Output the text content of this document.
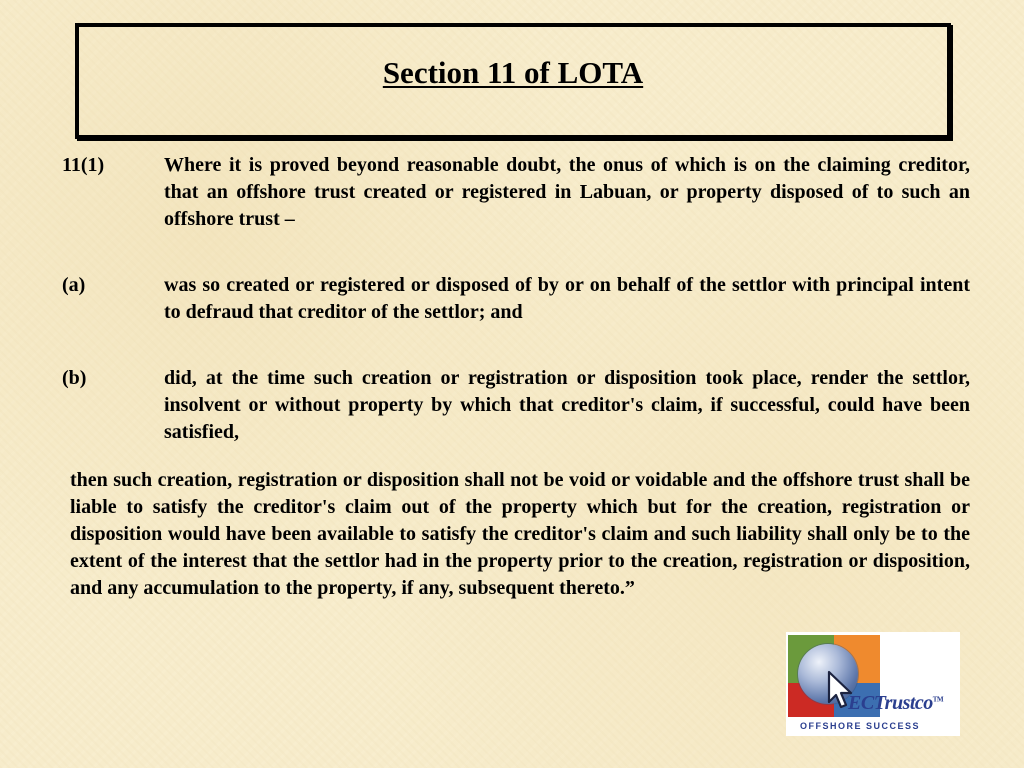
Section 11 of LOTA
11(1)	Where it is proved beyond reasonable doubt, the onus of which is on the claiming creditor, that an offshore trust created or registered in Labuan, or property disposed of to such an offshore trust –
(a)	was so created or registered or disposed of by or on behalf of the settlor with principal intent to defraud that creditor of the settlor; and
(b)	did, at the time such creation or registration or disposition took place, render the settlor, insolvent or without property by which that creditor's claim, if successful, could have been satisfied,
then such creation, registration or disposition shall not be void or voidable and the offshore trust shall be liable to satisfy the creditor's claim out of the property which but for the creation, registration or disposition would have been available to satisfy the creditor's claim and such liability shall only be to the extent of the interest that the settlor had in the property prior to the creation, registration or disposition, and any accumulation to the property, if any, subsequent thereto.”
ECTrustco™
OFFSHORE SUCCESS
